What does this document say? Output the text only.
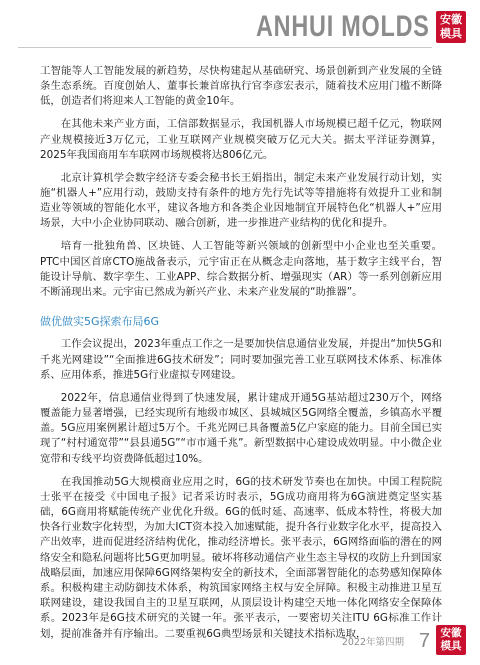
ANHUI MOLDS 安徽
模具

工智能等人工智能发展的新趋势，尽快构建起从基础研究、场景创新到产业发展的全链条生态系统。百度创始人、董事长兼首席执行官李彦宏表示，随着技术应用门槛不断降低，创造者们将迎来人工智能的黄金10年。

在其他未来产业方面，工信部数据显示，我国机器人市场规模已超千亿元，物联网产业规模接近3万亿元，工业互联网产业规模突破万亿元大关。据太平洋证券测算，2025年我国商用车车联网市场规模将达806亿元。

北京计算机学会数字经济专委会秘书长王娟指出，制定未来产业发展行动计划，实施“机器人+”应用行动，鼓励支持有条件的地方先行先试等等措施将有效提升工业和制造业等领域的智能化水平，建议各地方和各类企业因地制宜开展特色化“机器人+”应用场景，大中小企业协同联动、融合创新，进一步推进产业结构的优化和提升。

培育一批独角兽、区块链、人工智能等新兴领域的创新型中小企业也至关重要。PTC中国区首席CTO施战备表示，元宇宙正在从概念走向落地，基于数字主线平台，智能设计导航、数字孪生、工业APP、综合数据分析、增强现实（AR）等一系列创新应用不断涌现出来。元宇宙已然成为新兴产业、未来产业发展的“助推器”。

做优做实5G探索布局6G

工作会议提出，2023年重点工作之一是要加快信息通信业发展，并提出“加快5G和千兆光网建设”“全面推进6G技术研发”；同时要加强完善工业互联网技术体系、标准体系、应用体系，推进5G行业虚拟专网建设。

2022年，信息通信业得到了快速发展，累计建成开通5G基站超过230万个，网络覆盖能力显著增强，已经实现所有地级市城区、县城城区5G网络全覆盖，乡镇高水平覆盖。5G应用案例累计超过5万个。千兆光网已具备覆盖5亿户家庭的能力。目前全国已实现了“村村通宽带”“县县通5G”“市市通千兆”。新型数据中心建设成效明显。中小微企业宽带和专线平均资费降低超过10%。

在我国推动5G大规模商业应用之时，6G的技术研发节奏也在加快。中国工程院院士张平在接受《中国电子报》记者采访时表示，5G成功商用将为6G演进奠定坚实基础，6G商用将赋能传统产业优化升级。6G的低时延、高速率、低成本特性，将极大加快各行业数字化转型，为加大ICT资本投入加速赋能，提升各行业数字化水平，提高投入产出效率，进而促进经济结构优化，推动经济增长。张平表示，6G网络面临的潜在的网络安全和隐私问题将比5G更加明显。破坏将移动通信产业生态主导权的攻防上升到国家战略层面，加速应用保障6G网络架构安全的新技术，全面部署智能化的态势感知保障体系。积极构建主动防御技术体系，构筑国家网络主权与安全屏障。积极主动推进卫星互联网建设，建设我国自主的卫星互联网，从顶层设计构建空天地一体化网络安全保障体系。2023年是6G技术研究的关键一年。张平表示，一要密切关注ITU 6G标准工作计划，提前准备并有序输出。二要重视6G典型场景和关键技术指标选取，

2022年第四期 7	安徽
模具
